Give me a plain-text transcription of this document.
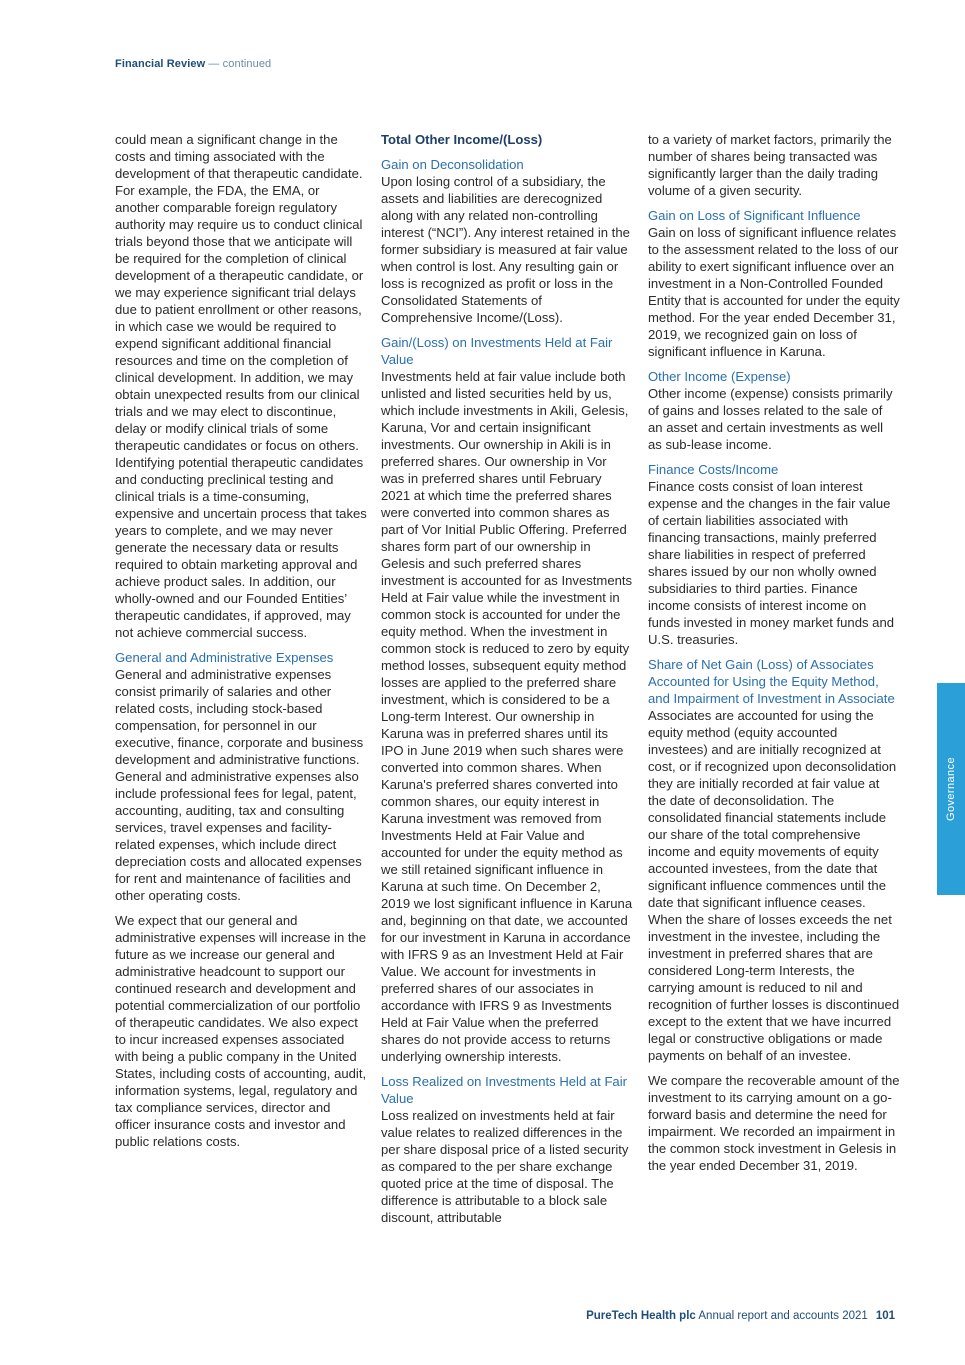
Financial Review — continued

could mean a significant change in the costs and timing associated with the development of that therapeutic candidate. For example, the FDA, the EMA, or another comparable foreign regulatory authority may require us to conduct clinical trials beyond those that we anticipate will be required for the completion of clinical development of a therapeutic candidate, or we may experience significant trial delays due to patient enrollment or other reasons, in which case we would be required to expend significant additional financial resources and time on the completion of clinical development. In addition, we may obtain unexpected results from our clinical trials and we may elect to discontinue, delay or modify clinical trials of some therapeutic candidates or focus on others. Identifying potential therapeutic candidates and conducting preclinical testing and clinical trials is a time-consuming, expensive and uncertain process that takes years to complete, and we may never generate the necessary data or results required to obtain marketing approval and achieve product sales. In addition, our wholly-owned and our Founded Entities’ therapeutic candidates, if approved, may not achieve commercial success.

General and Administrative Expenses
General and administrative expenses consist primarily of salaries and other related costs, including stock-based compensation, for personnel in our executive, finance, corporate and business development and administrative functions. General and administrative expenses also include professional fees for legal, patent, accounting, auditing, tax and consulting services, travel expenses and facility-related expenses, which include direct depreciation costs and allocated expenses for rent and maintenance of facilities and other operating costs.

We expect that our general and administrative expenses will increase in the future as we increase our general and administrative headcount to support our continued research and development and potential commercialization of our portfolio of therapeutic candidates. We also expect to incur increased expenses associated with being a public company in the United States, including costs of accounting, audit, information systems, legal, regulatory and tax compliance services, director and officer insurance costs and investor and public relations costs.

Total Other Income/(Loss)

Gain on Deconsolidation
Upon losing control of a subsidiary, the assets and liabilities are derecognized along with any related non-controlling interest (“NCI”). Any interest retained in the former subsidiary is measured at fair value when control is lost. Any resulting gain or loss is recognized as profit or loss in the Consolidated Statements of Comprehensive Income/(Loss).

Gain/(Loss) on Investments Held at Fair Value
Investments held at fair value include both unlisted and listed securities held by us, which include investments in Akili, Gelesis, Karuna, Vor and certain insignificant investments. Our ownership in Akili is in preferred shares. Our ownership in Vor was in preferred shares until February 2021 at which time the preferred shares were converted into common shares as part of Vor Initial Public Offering. Preferred shares form part of our ownership in Gelesis and such preferred shares investment is accounted for as Investments Held at Fair value while the investment in common stock is accounted for under the equity method. When the investment in common stock is reduced to zero by equity method losses, subsequent equity method losses are applied to the preferred share investment, which is considered to be a Long-term Interest. Our ownership in Karuna was in preferred shares until its IPO in June 2019 when such shares were converted into common shares. When Karuna's preferred shares converted into common shares, our equity interest in Karuna investment was removed from Investments Held at Fair Value and accounted for under the equity method as we still retained significant influence in Karuna at such time. On December 2, 2019 we lost significant influence in Karuna and, beginning on that date, we accounted for our investment in Karuna in accordance with IFRS 9 as an Investment Held at Fair Value. We account for investments in preferred shares of our associates in accordance with IFRS 9 as Investments Held at Fair Value when the preferred shares do not provide access to returns underlying ownership interests.

Loss Realized on Investments Held at Fair Value
Loss realized on investments held at fair value relates to realized differences in the per share disposal price of a listed security as compared to the per share exchange quoted price at the time of disposal. The difference is attributable to a block sale discount, attributable

to a variety of market factors, primarily the number of shares being transacted was significantly larger than the daily trading volume of a given security.

Gain on Loss of Significant Influence
Gain on loss of significant influence relates to the assessment related to the loss of our ability to exert significant influence over an investment in a Non-Controlled Founded Entity that is accounted for under the equity method. For the year ended December 31, 2019, we recognized gain on loss of significant influence in Karuna.

Other Income (Expense)
Other income (expense) consists primarily of gains and losses related to the sale of an asset and certain investments as well as sub-lease income.

Finance Costs/Income
Finance costs consist of loan interest expense and the changes in the fair value of certain liabilities associated with financing transactions, mainly preferred share liabilities in respect of preferred shares issued by our non wholly owned subsidiaries to third parties. Finance income consists of interest income on funds invested in money market funds and U.S. treasuries.

Share of Net Gain (Loss) of Associates Accounted for Using the Equity Method, and Impairment of Investment in Associate
Associates are accounted for using the equity method (equity accounted investees) and are initially recognized at cost, or if recognized upon deconsolidation they are initially recorded at fair value at the date of deconsolidation. The consolidated financial statements include our share of the total comprehensive income and equity movements of equity accounted investees, from the date that significant influence commences until the date that significant influence ceases. When the share of losses exceeds the net investment in the investee, including the investment in preferred shares that are considered Long-term Interests, the carrying amount is reduced to nil and recognition of further losses is discontinued except to the extent that we have incurred legal or constructive obligations or made payments on behalf of an investee.

We compare the recoverable amount of the investment to its carrying amount on a go-forward basis and determine the need for impairment. We recorded an impairment in the common stock investment in Gelesis in the year ended December 31, 2019.

Governance
PureTech Health plc Annual report and accounts 2021 101
